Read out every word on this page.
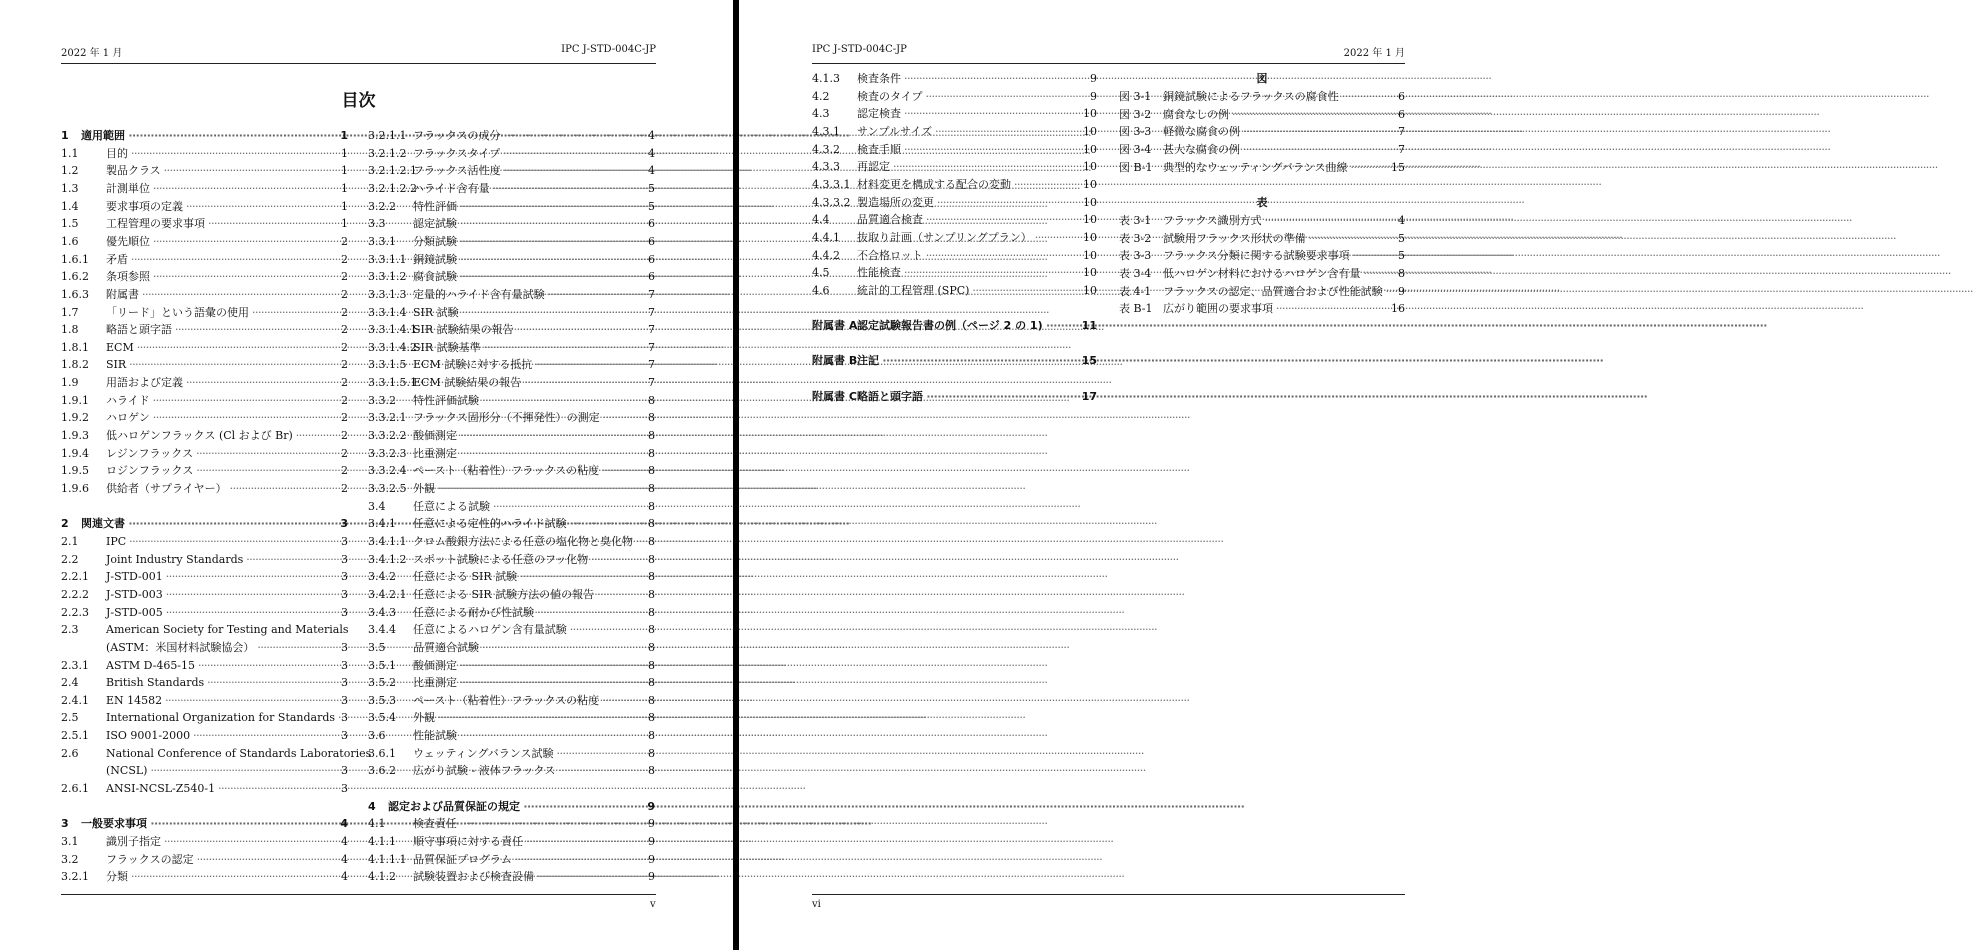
2022 年 1 月	IPC J-STD-004C-JP
目次
1 適用範囲 ·····	1
1.1	目的 ·····	1
1.2	製品クラス ·····	1
1.3	計測単位 ·····	1
1.4	要求事項の定義 ·····	1
1.5	工程管理の要求事項 ·····	1
1.6	優先順位 ·····	2
1.6.1 矛盾 ·····	2
1.6.2 条項参照 ·····	2
1.6.3 附属書 ·····	2
1.7	「リード」という語彙の使用 ·····	2
1.8	略語と頭字語 ·····	2
1.8.1 ECM ·····	2
1.8.2 SIR ·····	2
1.9	用語および定義 ·····	2
1.9.1 ハライド ·····	2
1.9.2 ハロゲン ·····	2
1.9.3 低ハロゲンフラックス (Cl および Br) ·····	2
1.9.4 レジンフラックス ·····	2
1.9.5 ロジンフラックス ·····	2
1.9.6 供給者（サプライヤー） ·····	2
2 関連文書 ·····	3
2.1	IPC ·····	3
2.2	Joint Industry Standards ·····	3
2.2.1 J-STD-001 ·····	3
2.2.2 J-STD-003 ·····	3
2.2.3 J-STD-005 ·····	3
2.3	American Society for Testing and Materials
(ASTM：米国材料試験協会） ·····	3
2.3.1 ASTM D-465-15 ·····	3
2.4	British Standards ·····	3
2.4.1 EN 14582 ·····	3
2.5	International Organization for Standards ····· 3
2.5.1 ISO 9001-2000 ·····	3
2.6	National Conference of Standards Laboratories
(NCSL) ·····	3
2.6.1 ANSI-NCSL-Z540-1 ·····	3
3 一般要求事項 ·····	4
3.1	識別子指定 ·····	4
3.2	フラックスの認定 ·····	4
3.2.1 分類 ·····	4
3.2.1.1 フラックスの成分 ·····	4
3.2.1.2 フラックスタイプ ·····	4
3.2.1.2.1
フラックス活性度 ·····	4
3.2.1.2.2
ハライド含有量 ·····	5
3.2.2 特性評価 ·····	5
3.3	認定試験 ·····	6
3.3.1 分類試験 ·····	6
3.3.1.1 銅鏡試験 ·····	6
3.3.1.2 腐食試験 ·····	6
3.3.1.3 定量的ハライド含有量試験 ·····	7
3.3.1.4 SIR 試験 ·····	7
3.3.1.4.1
SIR 試験結果の報告 ·····	7
3.3.1.4.2
SIR 試験基準 ·····	7
3.3.1.5 ECM 試験に対する抵抗 ·····	7
3.3.1.5.1
ECM 試験結果の報告 ·····	7
3.3.2 特性評価試験 ·····	8
3.3.2.1 フラックス固形分（不揮発性）の測定 ·····	8
3.3.2.2 酸価測定 ·····	8
3.3.2.3 比重測定 ·····	8
3.3.2.4 ペースト（粘着性）フラックスの粘度 ·····	8
3.3.2.5 外観 ·····	8
3.4	任意による試験 ·····	8
3.4.1 任意による定性的ハライド試験 ·····	8
3.4.1.1 クロム酸銀方法による任意の塩化物と臭化物 ·····	8
3.4.1.2 スポット試験による任意のフッ化物 ·····	8
3.4.2 任意による SIR 試験 ·····	8
3.4.2.1 任意による SIR 試験方法の値の報告 ·····	8
3.4.3 任意による耐かび性試験 ·····	8
3.4.4 任意によるハロゲン含有量試験 ·····	8
3.5	品質適合試験 ·····	8
3.5.1 酸価測定 ·····	8
3.5.2 比重測定 ·····	8
3.5.3 ペースト（粘着性）フラックスの粘度 ·····	8
3.5.4 外観 ·····	8
3.6	性能試験 ·····	8
3.6.1 ウェッティングバランス試験 ·····	8
3.6.2 広がり試験 - 液体フラックス ·····	8
4 認定および品質保証の規定 ·····	9
4.1	検査責任 ·····	9
4.1.1 順守事項に対する責任 ·····	9
4.1.1.1 品質保証プログラム ·····	9
4.1.2 試験装置および検査設備 ·····	9
v
IPC J-STD-004C-JP	2022 年 1 月
4.1.3 検査条件 ·····	9
4.2	検査のタイプ ·····	9
4.3	認定検査 ·····	10
4.3.1 サンプルサイズ ·····	10
4.3.2 検査手順 ·····	10
4.3.3 再認定 ·····	10
4.3.3.1 材料変更を構成する配合の変動 ·····	10
4.3.3.2 製造場所の変更 ·····	10
4.4	品質適合検査 ·····	10
4.4.1 抜取り計画（サンプリングプラン） ·····	10
4.4.2 不合格ロット ·····	10
4.5	性能検査 ·····	10
4.6	統計的工程管理 (SPC) ·····	10
附属書 A 認定試験報告書の例（ページ 2 の 1) ·····	11
附属書 B 注記 ·····	15
附属書 C 略語と頭字語 ·····	17
図
図 3-1 銅鏡試験によるフラックスの腐食性 ·····	6
図 3-2 腐食なしの例 ·····	6
図 3-3 軽微な腐食の例 ·····	7
図 3-4 甚大な腐食の例 ·····	7
図 B-1 典型的なウェッティングバランス曲線 ·····	15
表
表 3-1 フラックス識別方式 ·····	4
表 3-2 試験用フラックス形状の準備 ·····	5
表 3-3 フラックス分類に関する試験要求事項 ·····	5
表 3-4 低ハロゲン材料におけるハロゲン含有量 ·····	8
表 4-1 フラックスの認定、品質適合および性能試験 ·····	9
表 B-1 広がり範囲の要求事項 ·····	16
vi
